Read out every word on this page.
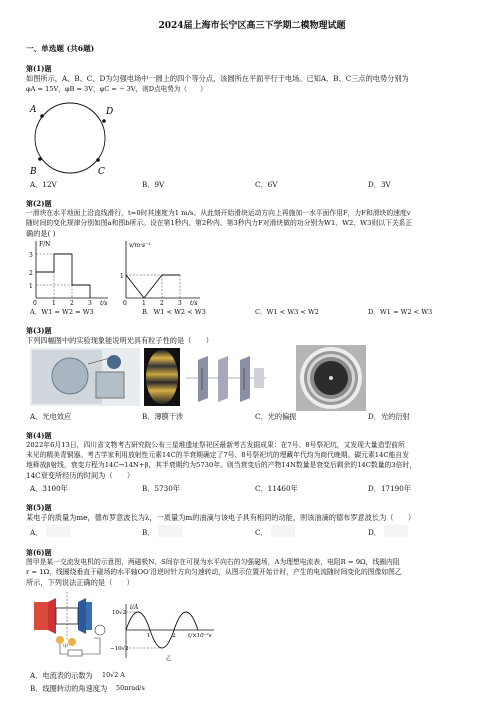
2024届上海市长宁区高三下学期二模物理试题
一、单选题 (共6题)
第(1)题
如图所示，A、B、C、D为匀强电场中一圆上的四个等分点，该圆所在平面平行于电场。已知A、B、C三点的电势分别为
φA = 15V，φB = 3V，φC = − 3V，则D点电势为（　　）
A	D
B	C
A．12V	B．9V	C．6V	D．3V
第(2)题
一滑块在水平地面上沿直线滑行，t=0时其速度为1 m/s。从此刻开始滑块运动方向上再施加一水平面作用F，力F和滑块的速度v
随时间的变化规律分别如图a和图b所示。设在第1秒内、第2秒内、第3秒内力F对滑块做的功分别为W1、W2、W3则以下关系正
确的是( )
F/N
3
2
1
0	1 2 3 t/s
v/m·s⁻¹
1
0	1 2 3 t/s
A．W1 = W2 = W3	B．W1 < W2 < W3	C．W1 < W3 < W2	D．W1 = W2 < W3
第(3)题
下列四幅图中的实验现象能说明光具有粒子性的是（　　）
A．光电效应	B．薄膜干涉	C．光的偏振	D．光的衍射
第(4)题
2022年6月13日，四川省文物考古研究院公布三星堆遗址祭祀区最新考古发掘成果：在7号、8号祭祀坑，又发现大量造型前所
未见的精美青铜器。考古学家利用放射性元素14C的半衰期确定了7号、8号祭祀坑的埋藏年代均为商代晚期。碳元素14C能自发
地释放β射线，衰变方程为14C→14N+β，其半衰期约为5730年。则当衰变后的产物14N数量是衰变后剩余的14C数量的3倍时，
14C衰变所经历的时间为（　　）
A．3100年	B．5730年	C．11460年	D．17190年
第(5)题
某电子的质量为me，德布罗意波长为λ，一质量为m的油滴与该电子具有相同的动能，则该油滴的德布罗意波长为（　　）
A．	B．	C．	D．
第(6)题
图甲是某一交流发电机的示意图，两磁极N、S间存在可视为水平向右的匀强磁场，A为理想电流表，电阻R = 9Ω，线圈内阻
r = 1Ω，线圈绕垂直于磁场的水平轴OO′沿逆时针方向匀速转动，从图示位置开始计时，产生的电流随时间变化的图像如图乙
所示，下列说法正确的是（　　）
甲
i/A
10√2
−10√2
1	2 t/×10⁻²s
乙
A．电流表的示数为 10√2 A
B．线圈转动的角速度为 50πrad/s
